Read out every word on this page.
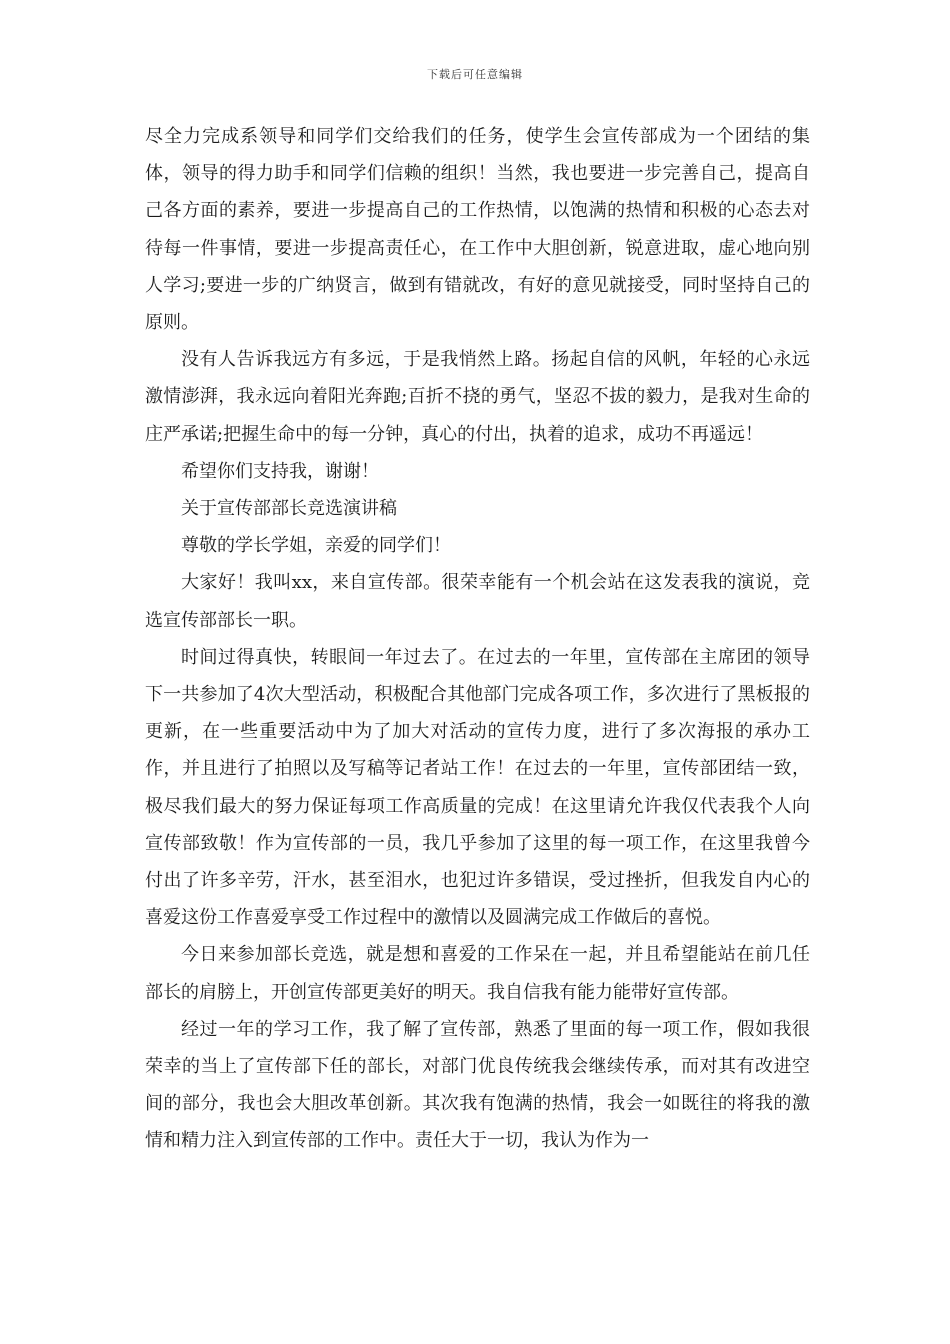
下载后可任意编辑

尽全力完成系领导和同学们交给我们的任务，使学生会宣传部成为一个团结的集体，领导的得力助手和同学们信赖的组织！当然，我也要进一步完善自己，提高自己各方面的素养，要进一步提高自己的工作热情，以饱满的热情和积极的心态去对待每一件事情，要进一步提高责任心，在工作中大胆创新，锐意进取，虚心地向别人学习;要进一步的广纳贤言，做到有错就改，有好的意见就接受，同时坚持自己的原则。

没有人告诉我远方有多远，于是我悄然上路。扬起自信的风帆，年轻的心永远激情澎湃，我永远向着阳光奔跑;百折不挠的勇气，坚忍不拔的毅力，是我对生命的庄严承诺;把握生命中的每一分钟，真心的付出，执着的追求，成功不再遥远！

希望你们支持我，谢谢！

关于宣传部部长竞选演讲稿

尊敬的学长学姐，亲爱的同学们！

大家好！我叫xx，来自宣传部。很荣幸能有一个机会站在这发表我的演说，竞选宣传部部长一职。

时间过得真快，转眼间一年过去了。在过去的一年里，宣传部在主席团的领导下一共参加了4次大型活动，积极配合其他部门完成各项工作，多次进行了黑板报的更新，在一些重要活动中为了加大对活动的宣传力度，进行了多次海报的承办工作，并且进行了拍照以及写稿等记者站工作！在过去的一年里，宣传部团结一致，极尽我们最大的努力保证每项工作高质量的完成！在这里请允许我仅代表我个人向宣传部致敬！作为宣传部的一员，我几乎参加了这里的每一项工作，在这里我曾今付出了许多辛劳，汗水，甚至泪水，也犯过许多错误，受过挫折，但我发自内心的喜爱这份工作喜爱享受工作过程中的激情以及圆满完成工作做后的喜悦。

今日来参加部长竞选，就是想和喜爱的工作呆在一起，并且希望能站在前几任部长的肩膀上，开创宣传部更美好的明天。我自信我有能力能带好宣传部。

经过一年的学习工作，我了解了宣传部，熟悉了里面的每一项工作，假如我很荣幸的当上了宣传部下任的部长，对部门优良传统我会继续传承，而对其有改进空间的部分，我也会大胆改革创新。其次我有饱满的热情，我会一如既往的将我的激情和精力注入到宣传部的工作中。责任大于一切，我认为作为一
